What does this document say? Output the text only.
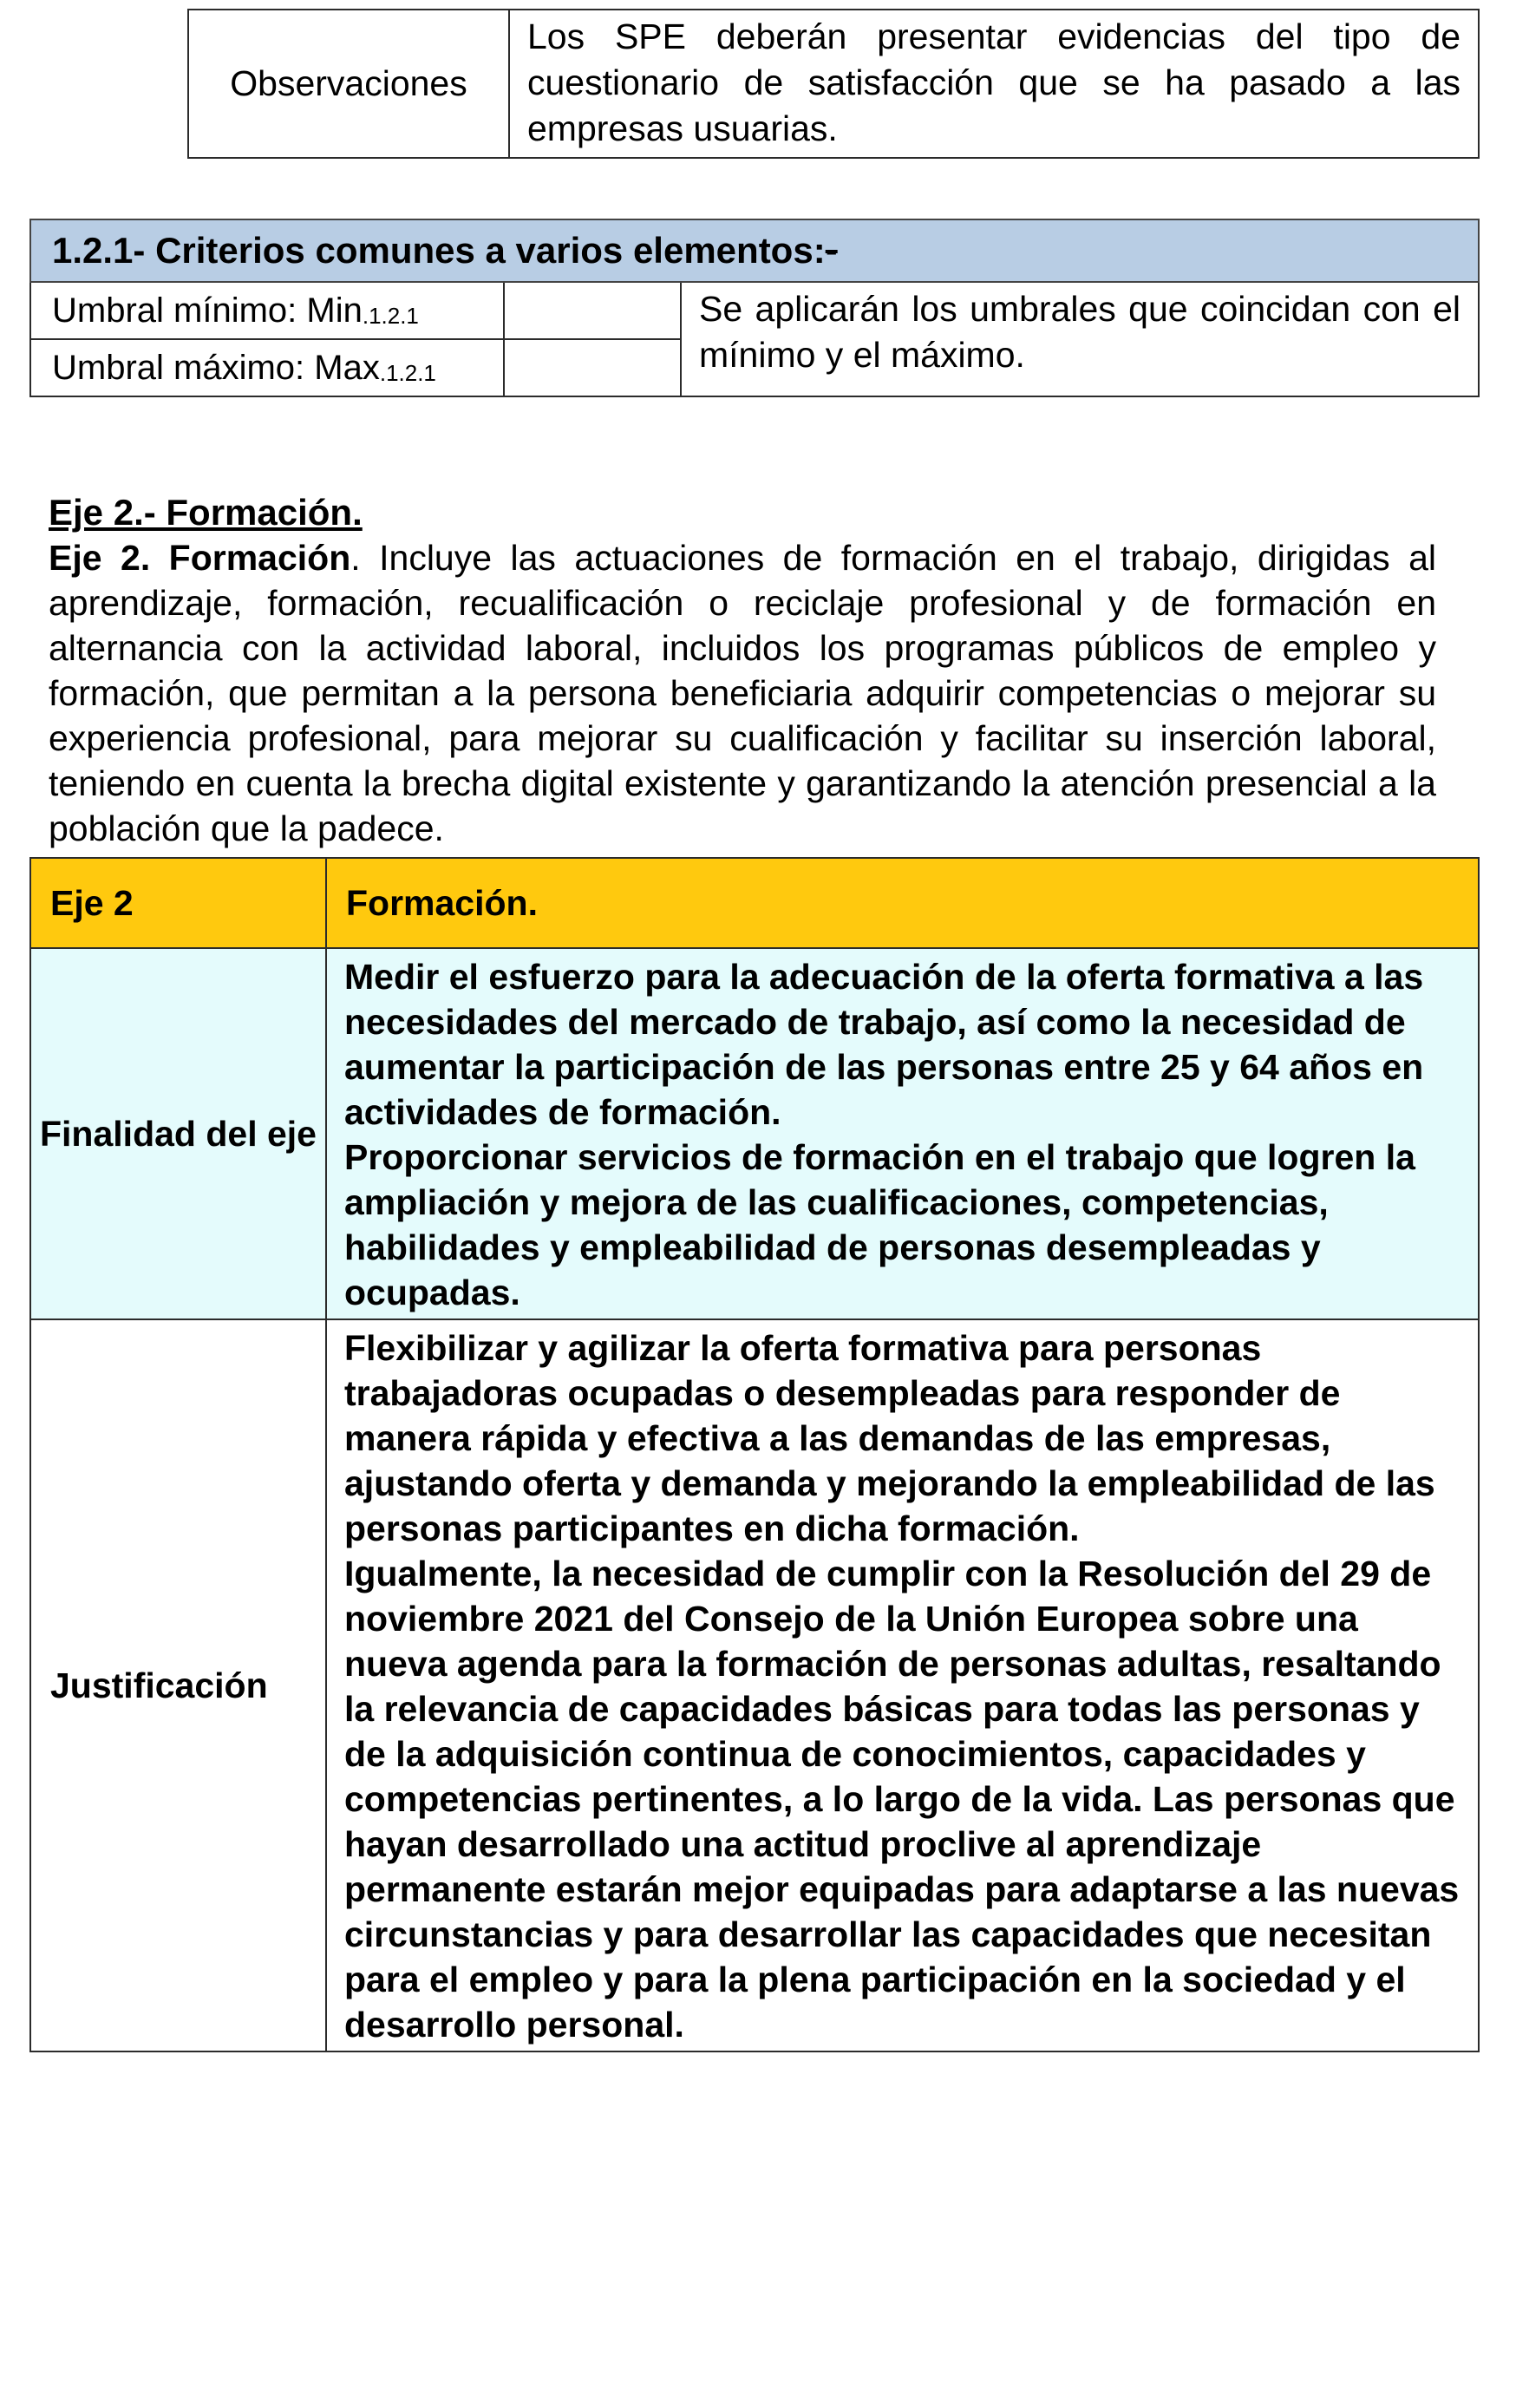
Observaciones	Los SPE deberán presentar evidencias del tipo de cuestionario de satisfacción que se ha pasado a las empresas usuarias.
1.2.1- Criterios comunes a varios elementos:-		
Umbral mínimo: Min$_{.1.2.1}$		Se aplicarán los umbrales que coincidan con el mínimo y el máximo.
Umbral máximo: Max$_{.1.2.1}$	
Eje 2.- Formación.
Eje 2. Formación. Incluye las actuaciones de formación en el trabajo, dirigidas al aprendizaje, formación, recualificación o reciclaje profesional y de formación en alternancia con la actividad laboral, incluidos los programas públicos de empleo y formación, que permitan a la persona beneficiaria adquirir competencias o mejorar su experiencia profesional, para mejorar su cualificación y facilitar su inserción laboral, teniendo en cuenta la brecha digital existente y garantizando la atención presencial a la población que la padece.
Eje 2	Formación.
Finalidad del eje	Medir el esfuerzo para la adecuación de la oferta formativa a las necesidades del mercado de trabajo, así como la necesidad de aumentar la participación de las personas entre 25 y 64 años en actividades de formación.
Proporcionar servicios de formación en el trabajo que logren la ampliación y mejora de las cualificaciones, competencias, habilidades y empleabilidad de personas desempleadas y ocupadas.

Justificación	Flexibilizar y agilizar la oferta formativa para personas trabajadoras ocupadas o desempleadas para responder de manera rápida y efectiva a las demandas de las empresas, ajustando oferta y demanda y mejorando la empleabilidad de las personas participantes en dicha formación.
Igualmente, la necesidad de cumplir con la Resolución del 29 de noviembre 2021 del Consejo de la Unión Europea sobre una nueva agenda para la formación de personas adultas, resaltando la relevancia de capacidades básicas para todas las personas y de la adquisición continua de conocimientos, capacidades y competencias pertinentes, a lo largo de la vida. Las personas que hayan desarrollado una actitud proclive al aprendizaje permanente estarán mejor equipadas para adaptarse a las nuevas circunstancias y para desarrollar las capacidades que necesitan para el empleo y para la plena participación en la sociedad y el desarrollo personal.
